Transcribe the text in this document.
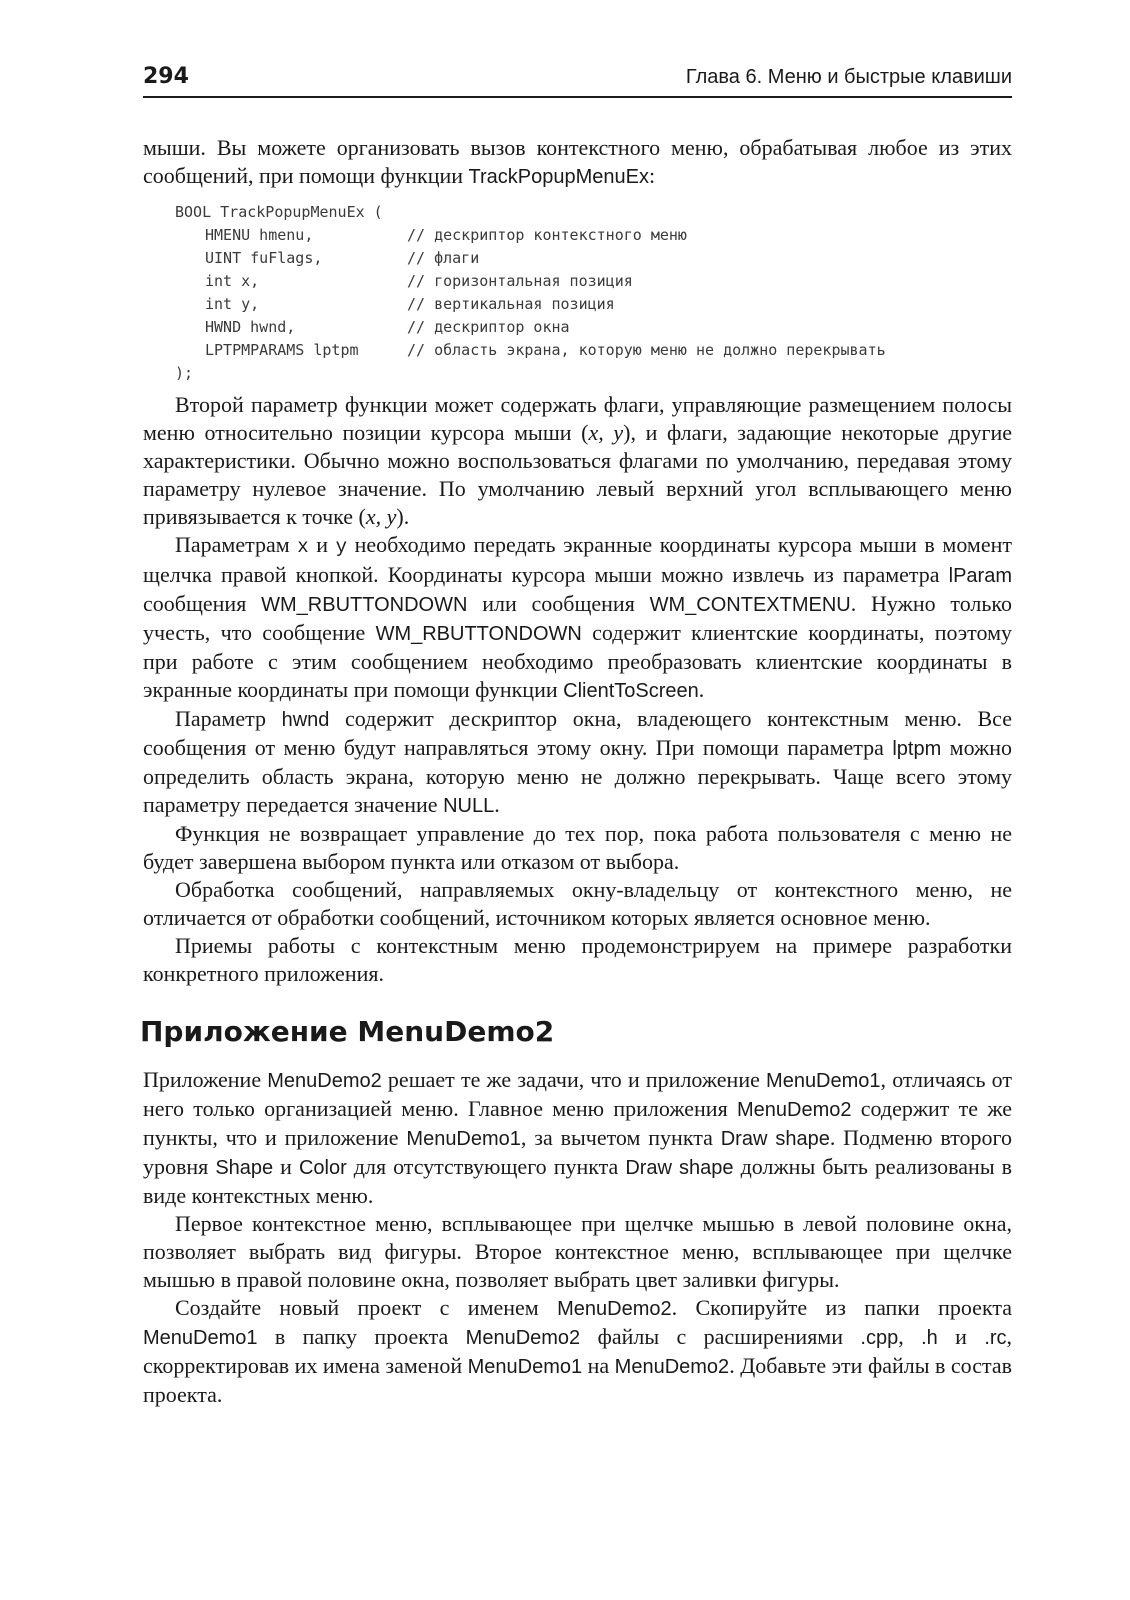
294	Глава 6. Меню и быстрые клавиши

мыши. Вы можете организовать вызов контекстного меню, обрабатывая любое из этих сообщений, при помощи функции TrackPopupMenuEx:

BOOL TrackPopupMenuEx (
HMENU hmenu,	// дескриптор контекстного меню
UINT fuFlags,	// флаги
int x,	// горизонтальная позиция
int y,	// вертикальная позиция
HWND hwnd,	// дескриптор окна
LPTPMPARAMS lptpm	// область экрана, которую меню не должно перекрывать
);

Второй параметр функции может содержать флаги, управляющие размещением полосы меню относительно позиции курсора мыши (x, y), и флаги, задающие некоторые другие характеристики. Обычно можно воспользоваться флагами по умолчанию, передавая этому параметру нулевое значение. По умолчанию левый верхний угол всплывающего меню привязывается к точке (x, y).

Параметрам x и y необходимо передать экранные координаты курсора мыши в момент щелчка правой кнопкой. Координаты курсора мыши можно извлечь из параметра lParam сообщения WM_RBUTTONDOWN или сообщения WM_CONTEXTMENU. Нужно только учесть, что сообщение WM_RBUTTONDOWN содержит клиентские координаты, поэтому при работе с этим сообщением необходимо преобразовать клиентские координаты в экранные координаты при помощи функции ClientToScreen.

Параметр hwnd содержит дескриптор окна, владеющего контекстным меню. Все сообщения от меню будут направляться этому окну. При помощи параметра lptpm можно определить область экрана, которую меню не должно перекрывать. Чаще всего этому параметру передается значение NULL.

Функция не возвращает управление до тех пор, пока работа пользователя с меню не будет завершена выбором пункта или отказом от выбора.

Обработка сообщений, направляемых окну-владельцу от контекстного меню, не отличается от обработки сообщений, источником которых является основное меню.

Приемы работы с контекстным меню продемонстрируем на примере разработки конкретного приложения.

Приложение MenuDemo2

Приложение MenuDemo2 решает те же задачи, что и приложение MenuDemo1, отличаясь от него только организацией меню. Главное меню приложения MenuDemo2 содержит те же пункты, что и приложение MenuDemo1, за вычетом пункта Draw shape. Подменю второго уровня Shape и Color для отсутствующего пункта Draw shape должны быть реализованы в виде контекстных меню.

Первое контекстное меню, всплывающее при щелчке мышью в левой половине окна, позволяет выбрать вид фигуры. Второе контекстное меню, всплывающее при щелчке мышью в правой половине окна, позволяет выбрать цвет заливки фигуры.

Создайте новый проект с именем MenuDemo2. Скопируйте из папки проекта MenuDemo1 в папку проекта MenuDemo2 файлы с расширениями .cpp, .h и .rc, скорректировав их имена заменой MenuDemo1 на MenuDemo2. Добавьте эти файлы в состав проекта.
